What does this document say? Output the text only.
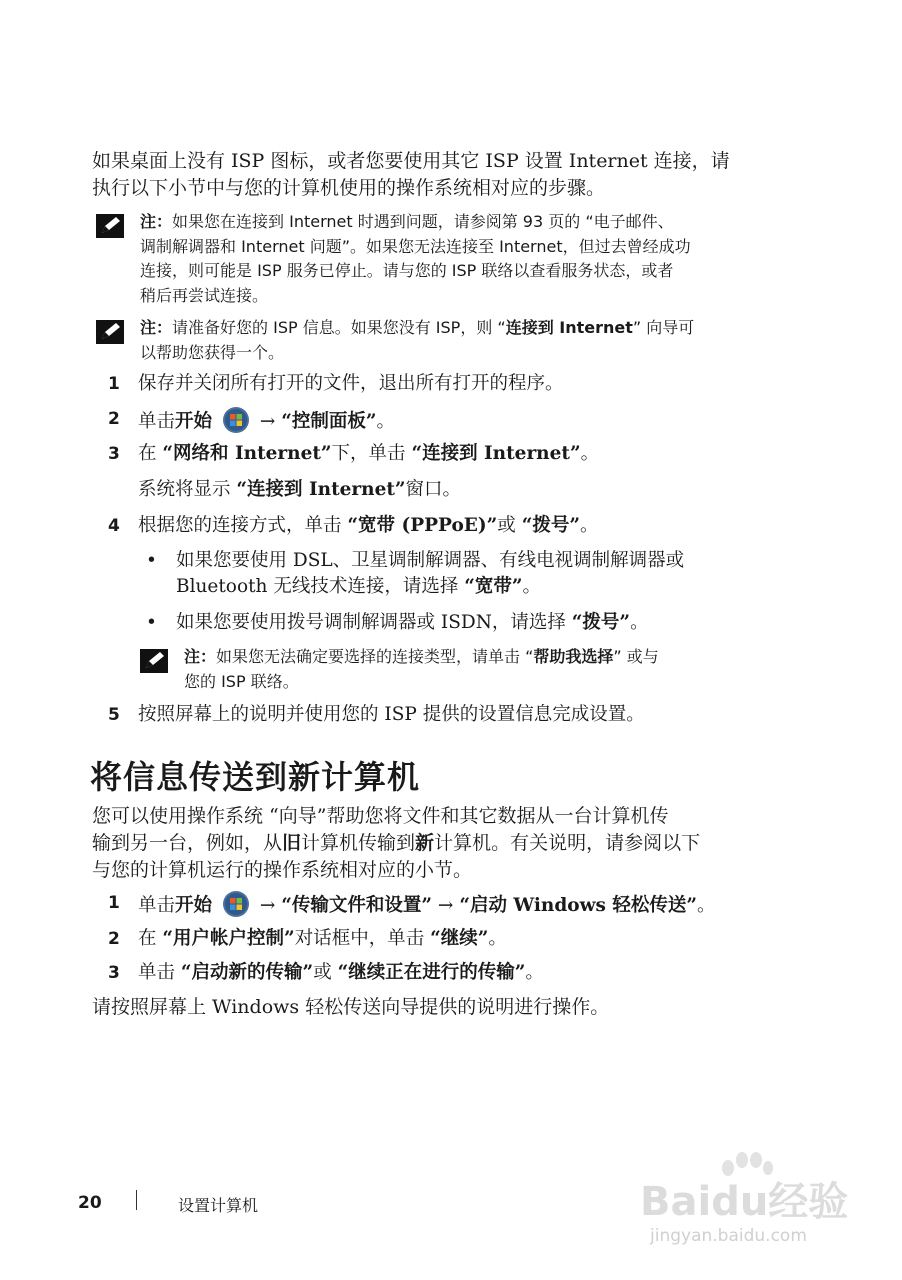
如果桌面上没有 ISP 图标，或者您要使用其它 ISP 设置 Internet 连接，请
执行以下小节中与您的计算机使用的操作系统相对应的步骤。
注：如果您在连接到 Internet 时遇到问题，请参阅第 93 页的 “电子邮件、
调制解调器和 Internet 问题”。如果您无法连接至 Internet，但过去曾经成功
连接，则可能是 ISP 服务已停止。请与您的 ISP 联络以查看服务状态，或者
稍后再尝试连接。
注：请准备好您的 ISP 信息。如果您没有 ISP，则 “连接到 Internet” 向导可
以帮助您获得一个。
1 保存并关闭所有打开的文件，退出所有打开的程序。
2 单击开始	→ “控制面板”。
3 在 “网络和 Internet”下，单击 “连接到 Internet”。
系统将显示 “连接到 Internet”窗口。
4 根据您的连接方式，单击 “宽带 (PPPoE)”或 “拨号”。
• 如果您要使用 DSL、卫星调制解调器、有线电视调制解调器或
Bluetooth 无线技术连接，请选择 “宽带”。
• 如果您要使用拨号调制解调器或 ISDN，请选择 “拨号”。
注：如果您无法确定要选择的连接类型，请单击 “帮助我选择” 或与
您的 ISP 联络。
5 按照屏幕上的说明并使用您的 ISP 提供的设置信息完成设置。
将信息传送到新计算机
您可以使用操作系统 “向导”帮助您将文件和其它数据从一台计算机传
输到另一台，例如，从旧计算机传输到新计算机。有关说明，请参阅以下
与您的计算机运行的操作系统相对应的小节。
1 单击开始	→ “传输文件和设置” → “启动 Windows 轻松传送”。
2 在 “用户帐户控制”对话框中，单击 “继续”。
3 单击 “启动新的传输”或 “继续正在进行的传输”。
请按照屏幕上 Windows 轻松传送向导提供的说明进行操作。
20	设置计算机	Baidu经验
jingyan.baidu.com
